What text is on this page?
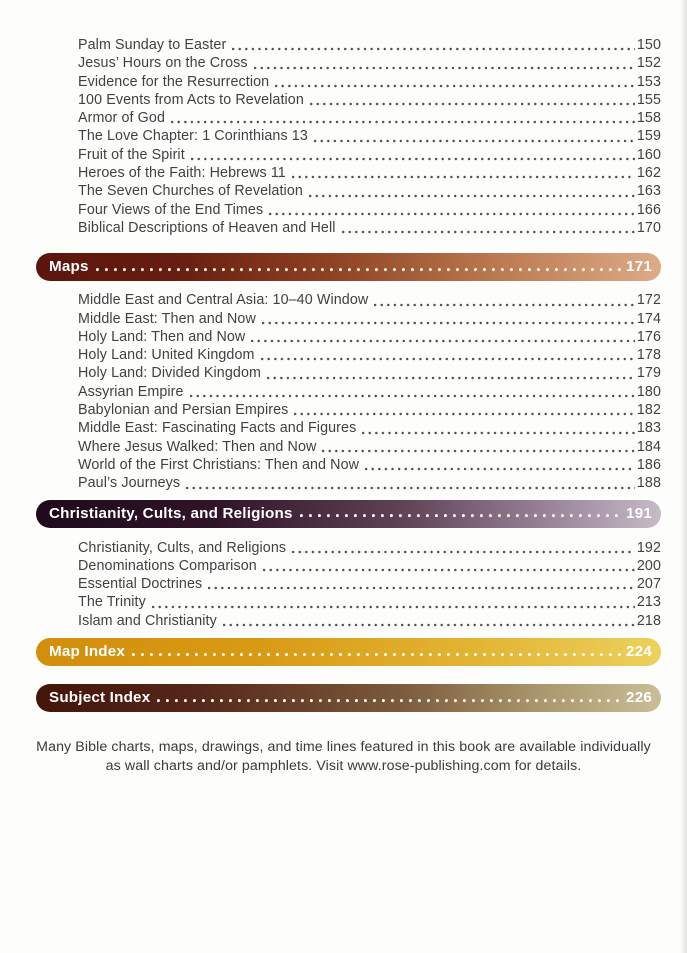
Palm Sunday to Easter	150
Jesus’ Hours on the Cross	152
Evidence for the Resurrection	153
100 Events from Acts to Revelation	155
Armor of God	158
The Love Chapter: 1 Corinthians 13	159
Fruit of the Spirit	160
Heroes of the Faith: Hebrews 11	162
The Seven Churches of Revelation	163
Four Views of the End Times	166
Biblical Descriptions of Heaven and Hell	170
Maps	171
Middle East and Central Asia: 10–40 Window	172
Middle East: Then and Now	174
Holy Land: Then and Now	176
Holy Land: United Kingdom	178
Holy Land: Divided Kingdom	179
Assyrian Empire	180
Babylonian and Persian Empires	182
Middle East: Fascinating Facts and Figures	183
Where Jesus Walked: Then and Now	184
World of the First Christians: Then and Now	186
Paul’s Journeys	188
Christianity, Cults, and Religions	191
Christianity, Cults, and Religions	192
Denominations Comparison	200
Essential Doctrines	207
The Trinity	213
Islam and Christianity	218
Map Index	224
Subject Index	226
Many Bible charts, maps, drawings, and time lines featured in this book are available individually
as wall charts and/or pamphlets. Visit www.rose-publishing.com for details.
